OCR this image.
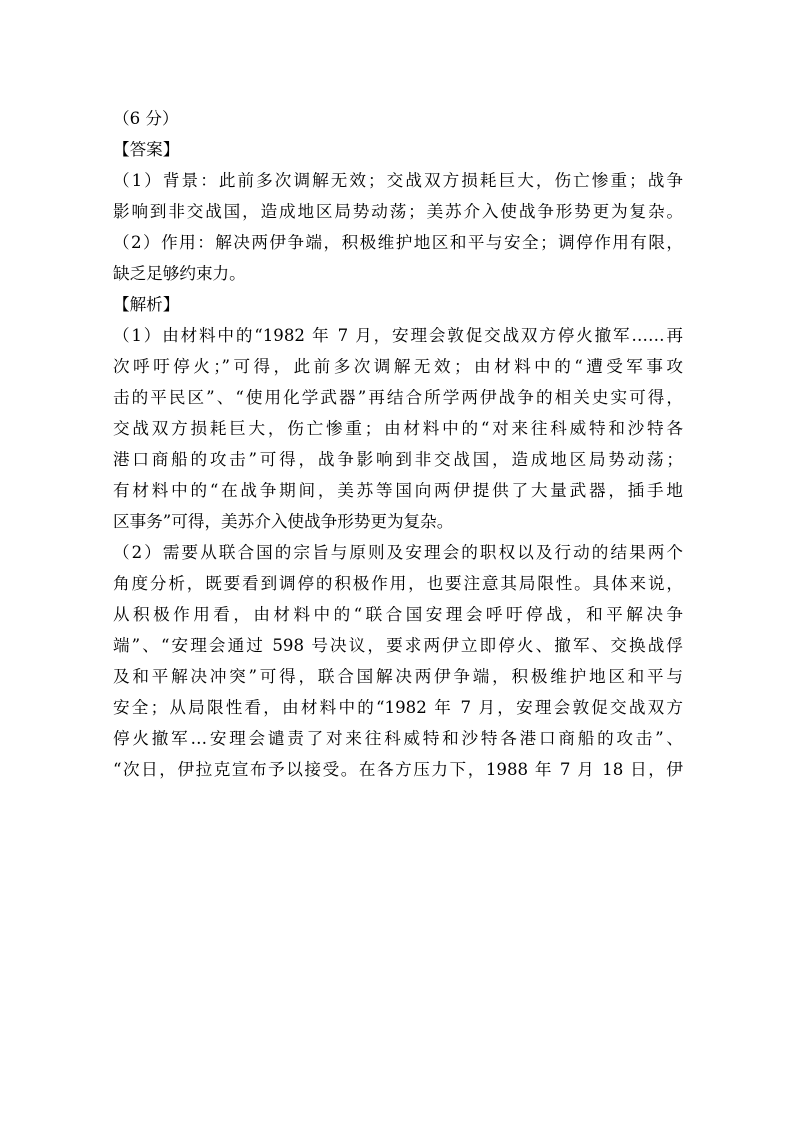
（6 分）
【答案】
（1）背景：此前多次调解无效；交战双方损耗巨大，伤亡惨重；战争
影响到非交战国，造成地区局势动荡；美苏介入使战争形势更为复杂。
（2）作用：解决两伊争端，积极维护地区和平与安全；调停作用有限，
缺乏足够约束力。
【解析】
（1）由材料中的“1982 年 7 月，安理会敦促交战双方停火撤军……再
次呼吁停火；”可得，此前多次调解无效；由材料中的“遭受军事攻
击的平民区”、“使用化学武器”再结合所学两伊战争的相关史实可得，
交战双方损耗巨大，伤亡惨重；由材料中的“对来往科威特和沙特各
港口商船的攻击”可得，战争影响到非交战国，造成地区局势动荡；
有材料中的“在战争期间，美苏等国向两伊提供了大量武器，插手地
区事务”可得，美苏介入使战争形势更为复杂。
（2）需要从联合国的宗旨与原则及安理会的职权以及行动的结果两个
角度分析，既要看到调停的积极作用，也要注意其局限性。具体来说，
从积极作用看，由材料中的“联合国安理会呼吁停战，和平解决争
端”、“安理会通过 598 号决议，要求两伊立即停火、撤军、交换战俘
及和平解决冲突”可得，联合国解决两伊争端，积极维护地区和平与
安全；从局限性看，由材料中的“1982 年 7 月，安理会敦促交战双方
停火撤军…安理会谴责了对来往科威特和沙特各港口商船的攻击”、
“次日，伊拉克宣布予以接受。在各方压力下，1988 年 7 月 18 日，伊
